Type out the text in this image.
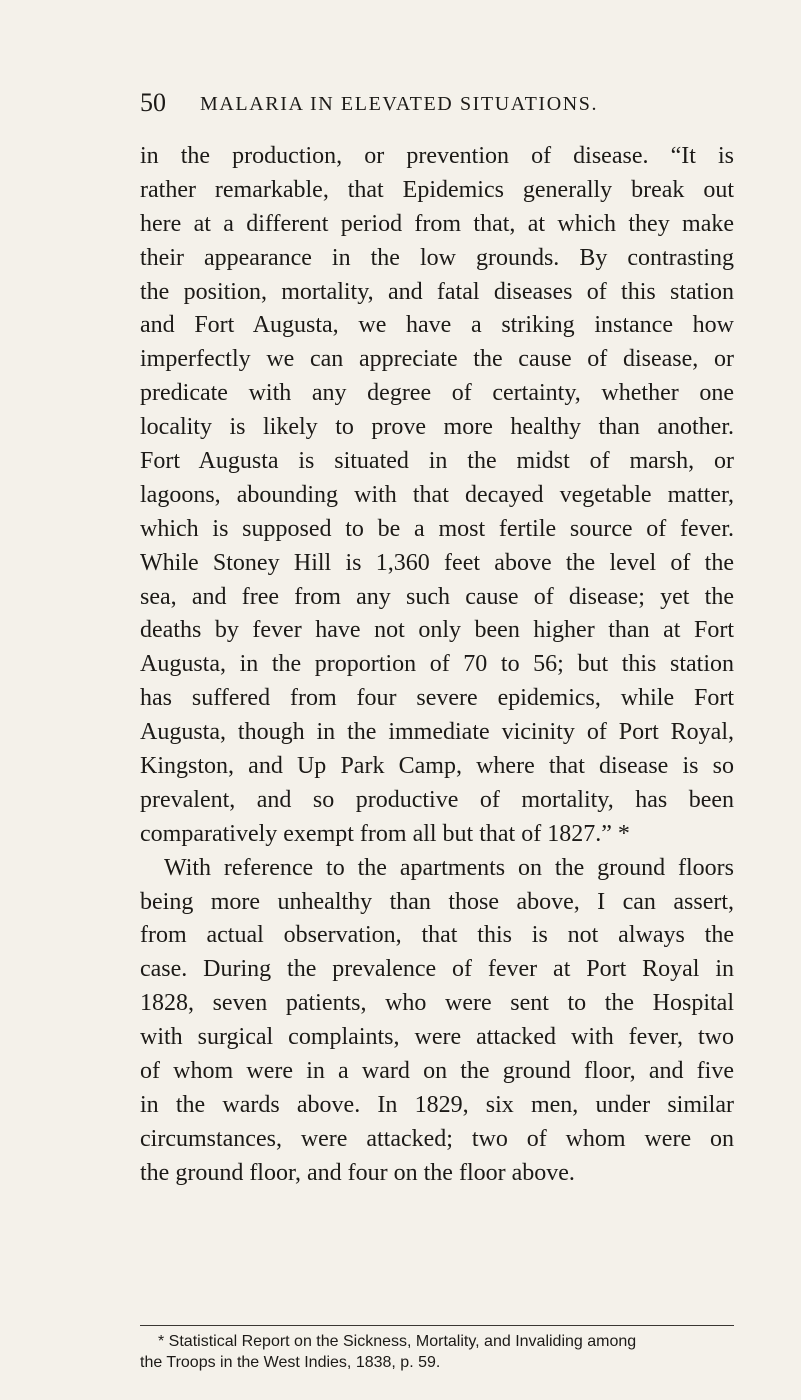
50 MALARIA IN ELEVATED SITUATIONS.
in the production, or prevention of disease. “It is
rather remarkable, that Epidemics generally break out
here at a different period from that, at which they make
their appearance in the low grounds. By contrasting
the position, mortality, and fatal diseases of this station
and Fort Augusta, we have a striking instance how
imperfectly we can appreciate the cause of disease, or
predicate with any degree of certainty, whether one
locality is likely to prove more healthy than another.
Fort Augusta is situated in the midst of marsh, or
lagoons, abounding with that decayed vegetable matter,
which is supposed to be a most fertile source of fever.
While Stoney Hill is 1,360 feet above the level of the
sea, and free from any such cause of disease; yet the
deaths by fever have not only been higher than at Fort
Augusta, in the proportion of 70 to 56; but this station
has suffered from four severe epidemics, while Fort
Augusta, though in the immediate vicinity of Port Royal,
Kingston, and Up Park Camp, where that disease is so
prevalent, and so productive of mortality, has been
comparatively exempt from all but that of 1827.” *
With reference to the apartments on the ground floors
being more unhealthy than those above, I can assert,
from actual observation, that this is not always the
case. During the prevalence of fever at Port Royal in
1828, seven patients, who were sent to the Hospital
with surgical complaints, were attacked with fever, two
of whom were in a ward on the ground floor, and five
in the wards above. In 1829, six men, under similar
circumstances, were attacked; two of whom were on
the ground floor, and four on the floor above.
* Statistical Report on the Sickness, Mortality, and Invaliding among
the Troops in the West Indies, 1838, p. 59.
